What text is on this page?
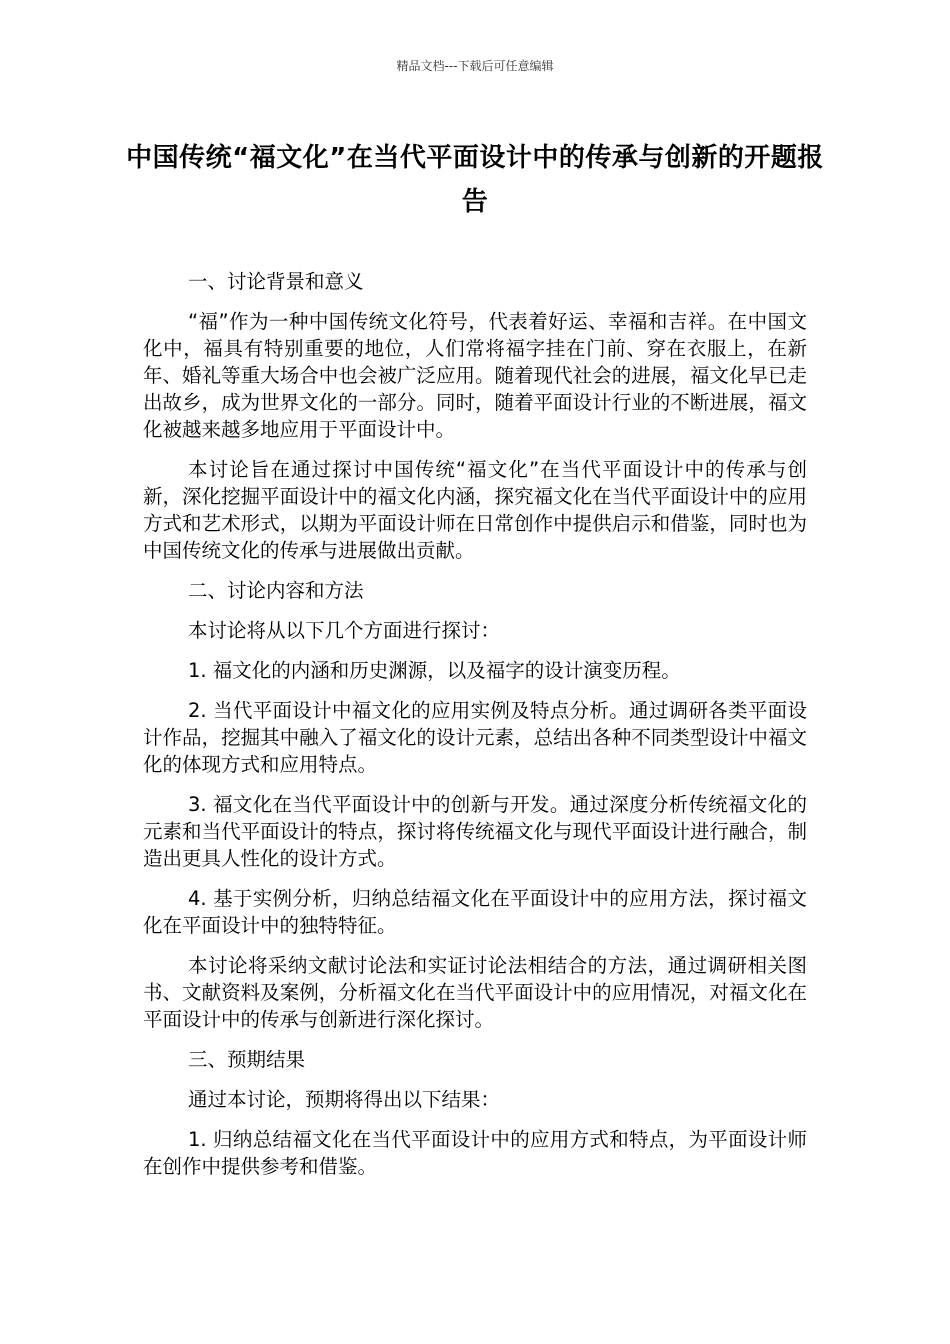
精品文档---下载后可任意编辑
中国传统“福文化”在当代平面设计中的传承与创新的开题报告

一、讨论背景和意义

“福”作为一种中国传统文化符号，代表着好运、幸福和吉祥。在中国文化中，福具有特别重要的地位，人们常将福字挂在门前、穿在衣服上，在新年、婚礼等重大场合中也会被广泛应用。随着现代社会的进展，福文化早已走出故乡，成为世界文化的一部分。同时，随着平面设计行业的不断进展，福文化被越来越多地应用于平面设计中。

本讨论旨在通过探讨中国传统“福文化”在当代平面设计中的传承与创新，深化挖掘平面设计中的福文化内涵，探究福文化在当代平面设计中的应用方式和艺术形式，以期为平面设计师在日常创作中提供启示和借鉴，同时也为中国传统文化的传承与进展做出贡献。

二、讨论内容和方法

本讨论将从以下几个方面进行探讨：

1. 福文化的内涵和历史渊源，以及福字的设计演变历程。

2. 当代平面设计中福文化的应用实例及特点分析。通过调研各类平面设计作品，挖掘其中融入了福文化的设计元素，总结出各种不同类型设计中福文化的体现方式和应用特点。

3. 福文化在当代平面设计中的创新与开发。通过深度分析传统福文化的元素和当代平面设计的特点，探讨将传统福文化与现代平面设计进行融合，制造出更具人性化的设计方式。

4. 基于实例分析，归纳总结福文化在平面设计中的应用方法，探讨福文化在平面设计中的独特特征。

本讨论将采纳文献讨论法和实证讨论法相结合的方法，通过调研相关图书、文献资料及案例，分析福文化在当代平面设计中的应用情况，对福文化在平面设计中的传承与创新进行深化探讨。

三、预期结果

通过本讨论，预期将得出以下结果：

1. 归纳总结福文化在当代平面设计中的应用方式和特点，为平面设计师在创作中提供参考和借鉴。
